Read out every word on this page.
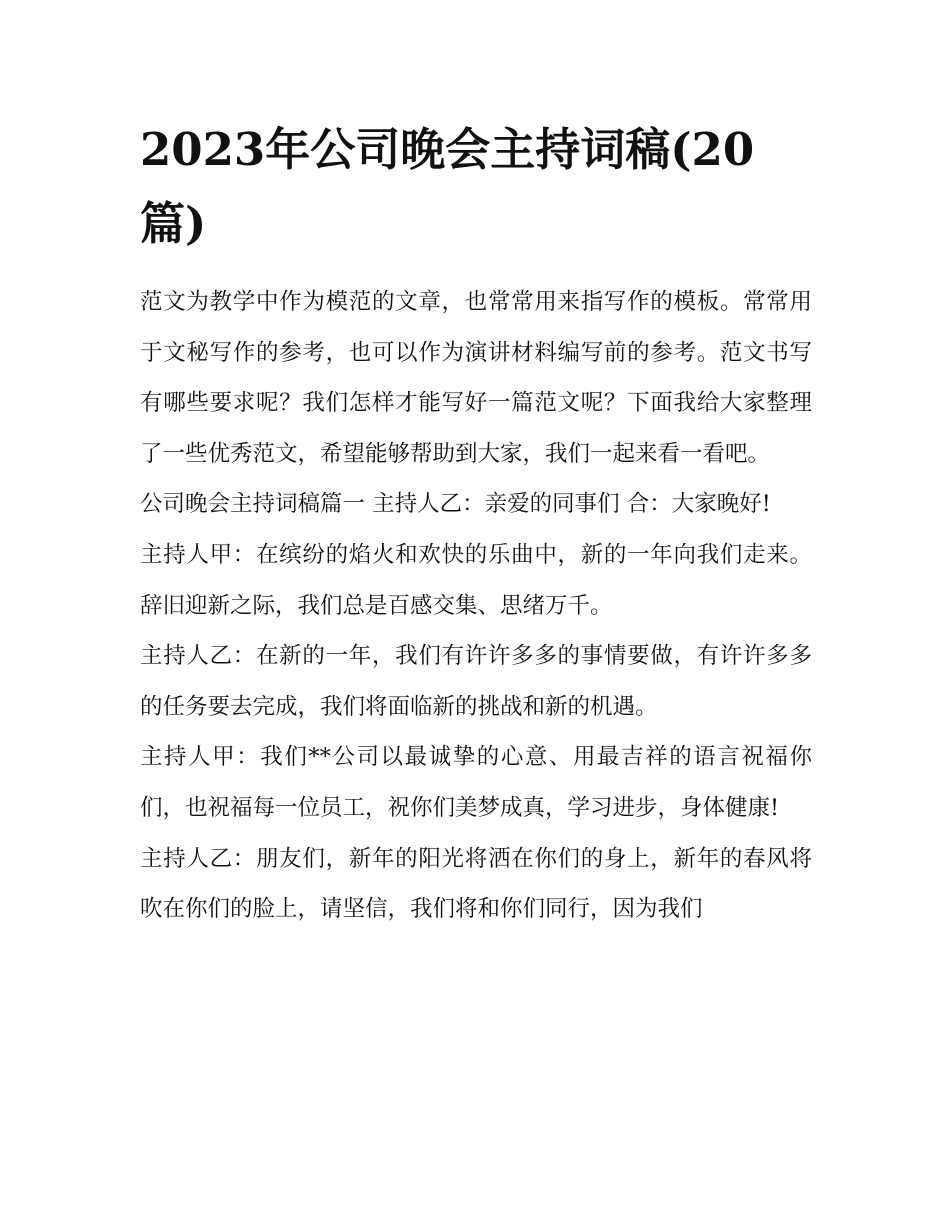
2023年公司晚会主持词稿(20篇)

范文为教学中作为模范的文章，也常常用来指写作的模板。常常用于文秘写作的参考，也可以作为演讲材料编写前的参考。范文书写有哪些要求呢？我们怎样才能写好一篇范文呢？下面我给大家整理了一些优秀范文，希望能够帮助到大家，我们一起来看一看吧。

公司晚会主持词稿篇一 主持人乙：亲爱的同事们 合：大家晚好!

主持人甲：在缤纷的焰火和欢快的乐曲中，新的一年向我们走来。辞旧迎新之际，我们总是百感交集、思绪万千。

主持人乙：在新的一年，我们有许许多多的事情要做，有许许多多的任务要去完成，我们将面临新的挑战和新的机遇。

主持人甲：我们**公司以最诚挚的心意、用最吉祥的语言祝福你们，也祝福每一位员工，祝你们美梦成真，学习进步，身体健康!

主持人乙：朋友们，新年的阳光将洒在你们的身上，新年的春风将吹在你们的脸上，请坚信，我们将和你们同行，因为我们
